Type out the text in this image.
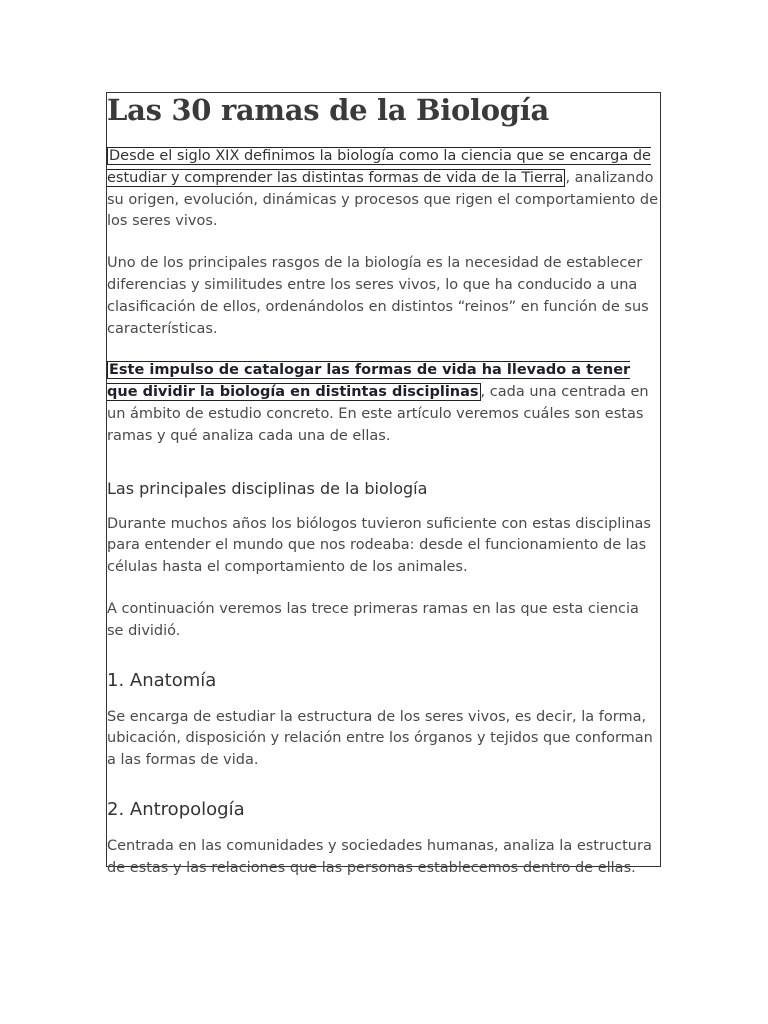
Las 30 ramas de la Biología

Desde el siglo XIX definimos la biología como la ciencia que se encarga de estudiar y comprender las distintas formas de vida de la Tierra , analizando su origen, evolución, dinámicas y procesos que rigen el comportamiento de los seres vivos.

Uno de los principales rasgos de la biología es la necesidad de establecer diferencias y similitudes entre los seres vivos, lo que ha conducido a una clasificación de ellos, ordenándolos en distintos “reinos” en función de sus características.

Este impulso de catalogar las formas de vida ha llevado a tener que dividir la biología en distintas disciplinas , cada una centrada en un ámbito de estudio concreto. En este artículo veremos cuáles son estas ramas y qué analiza cada una de ellas.

Las principales disciplinas de la biología

Durante muchos años los biólogos tuvieron suficiente con estas disciplinas para entender el mundo que nos rodeaba: desde el funcionamiento de las células hasta el comportamiento de los animales.

A continuación veremos las trece primeras ramas en las que esta ciencia se dividió.

1. Anatomía

Se encarga de estudiar la estructura de los seres vivos, es decir, la forma, ubicación, disposición y relación entre los órganos y tejidos que conforman a las formas de vida.

2. Antropología

Centrada en las comunidades y sociedades humanas, analiza la estructura de estas y las relaciones que las personas establecemos dentro de ellas.
